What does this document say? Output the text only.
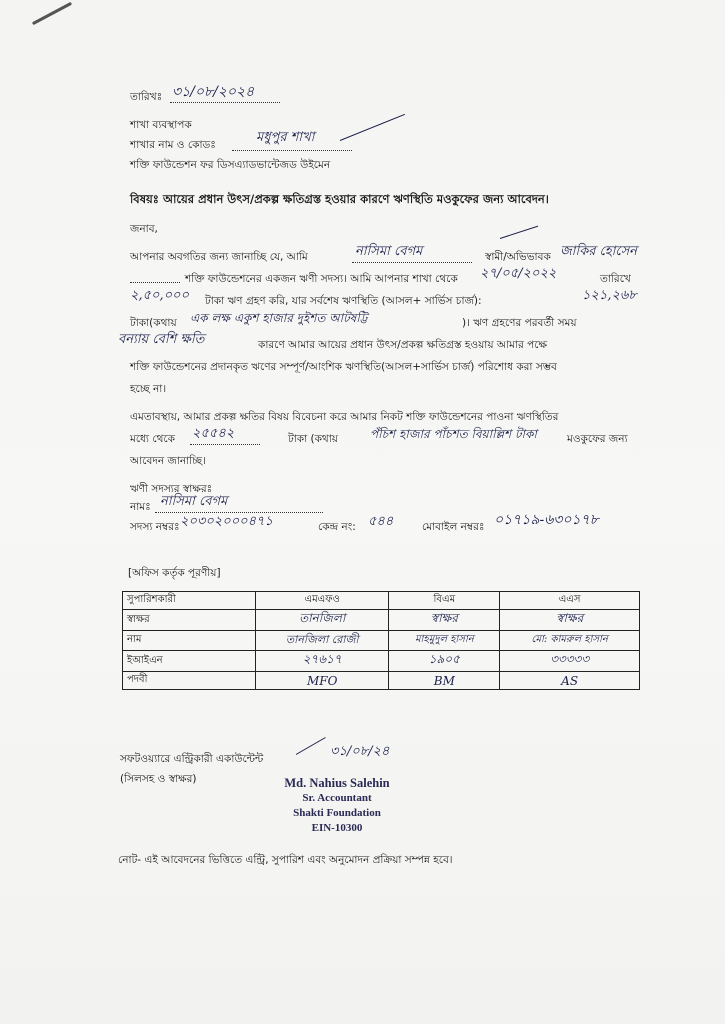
তারিখঃ ৩১/০৮/২০২৪
শাখা ব্যবস্থাপক
শাখার নাম ও কোডঃ	মধুপুর শাখা
শক্তি ফাউন্ডেশন ফর ডিসএ্যাডভান্টেজড উইমেন
বিষয়ঃ আয়ের প্রধান উৎস/প্রকল্প ক্ষতিগ্রস্ত হওয়ার কারণে ঋণস্থিতি মওকুফের জন্য আবেদন।
জনাব,
আপনার অবগতির জন্য জানাচ্ছি যে, আমি	নাসিমা বেগম	স্বামী/অভিভাবক জাকির হোসেন
শক্তি ফাউন্ডেশনের একজন ঋণী সদস্য। আমি আপনার শাখা থেকে ২৭/০৫/২০২২	তারিখে
২,৫০,০০০ টাকা ঋণ গ্রহণ করি, যার সর্বশেষ ঋণস্থিতি (আসল+ সার্ভিস চার্জ):	১২১,২৬৮
টাকা(কথায় এক লক্ষ একুশ হাজার দুইশত আটষট্টি	)। ঋণ গ্রহণের পরবর্তী সময়
বন্যায় বেশি ক্ষতি	কারণে আমার আয়ের প্রধান উৎস/প্রকল্প ক্ষতিগ্রস্ত হওয়ায় আমার পক্ষে
শক্তি ফাউন্ডেশনের প্রদানকৃত ঋণের সম্পূর্ণ/আংশিক ঋণস্থিতি(আসল+সার্ভিস চার্জ) পরিশোধ করা সম্ভব
হচ্ছে না।
এমতাবস্থায়, আমার প্রকল্প ক্ষতির বিষয় বিবেচনা করে আমার নিকট শক্তি ফাউন্ডেশনের পাওনা ঋণস্থিতির
মধ্যে থেকে ২৫৫৪২	টাকা (কথায়	পঁচিশ হাজার পাঁচশত বিয়াল্লিশ টাকা	মওকুফের জন্য
আবেদন জানাচ্ছি।
ঋণী সদস্যর স্বাক্ষরঃ
নামঃ নাসিমা বেগম
সদস্য নম্বরঃ ২০৩০২০০০৪৭১	কেন্দ্র নং: ৫৪৪	মোবাইল নম্বরঃ ০১৭১৯-৬৩০১৭৮
[অফিস কর্তৃক পূরণীয়]
সুপারিশকারী	এমএফও	বিএম	এএস
স্বাক্ষর	তানজিলা	স্বাক্ষর	স্বাক্ষর
নাম	তানজিলা রোজী	মাহমুদুল হাসান	মো: কামরুল হাসান
ইআইএন	২৭৬১৭	১৯০৫	৩৩৩৩৩
পদবী	MFO	BM	AS
সফটওয়্যারে এন্ট্রিকারী একাউন্টেন্ট
(সিলসহ ও স্বাক্ষর)
৩১/০৮/২৪
Md. Nahius Salehin
Sr. Accountant
Shakti Foundation
EIN-10300
নোট- এই আবেদনের ভিত্তিতে এন্ট্রি, সুপারিশ এবং অনুমোদন প্রক্রিয়া সম্পন্ন হবে।
